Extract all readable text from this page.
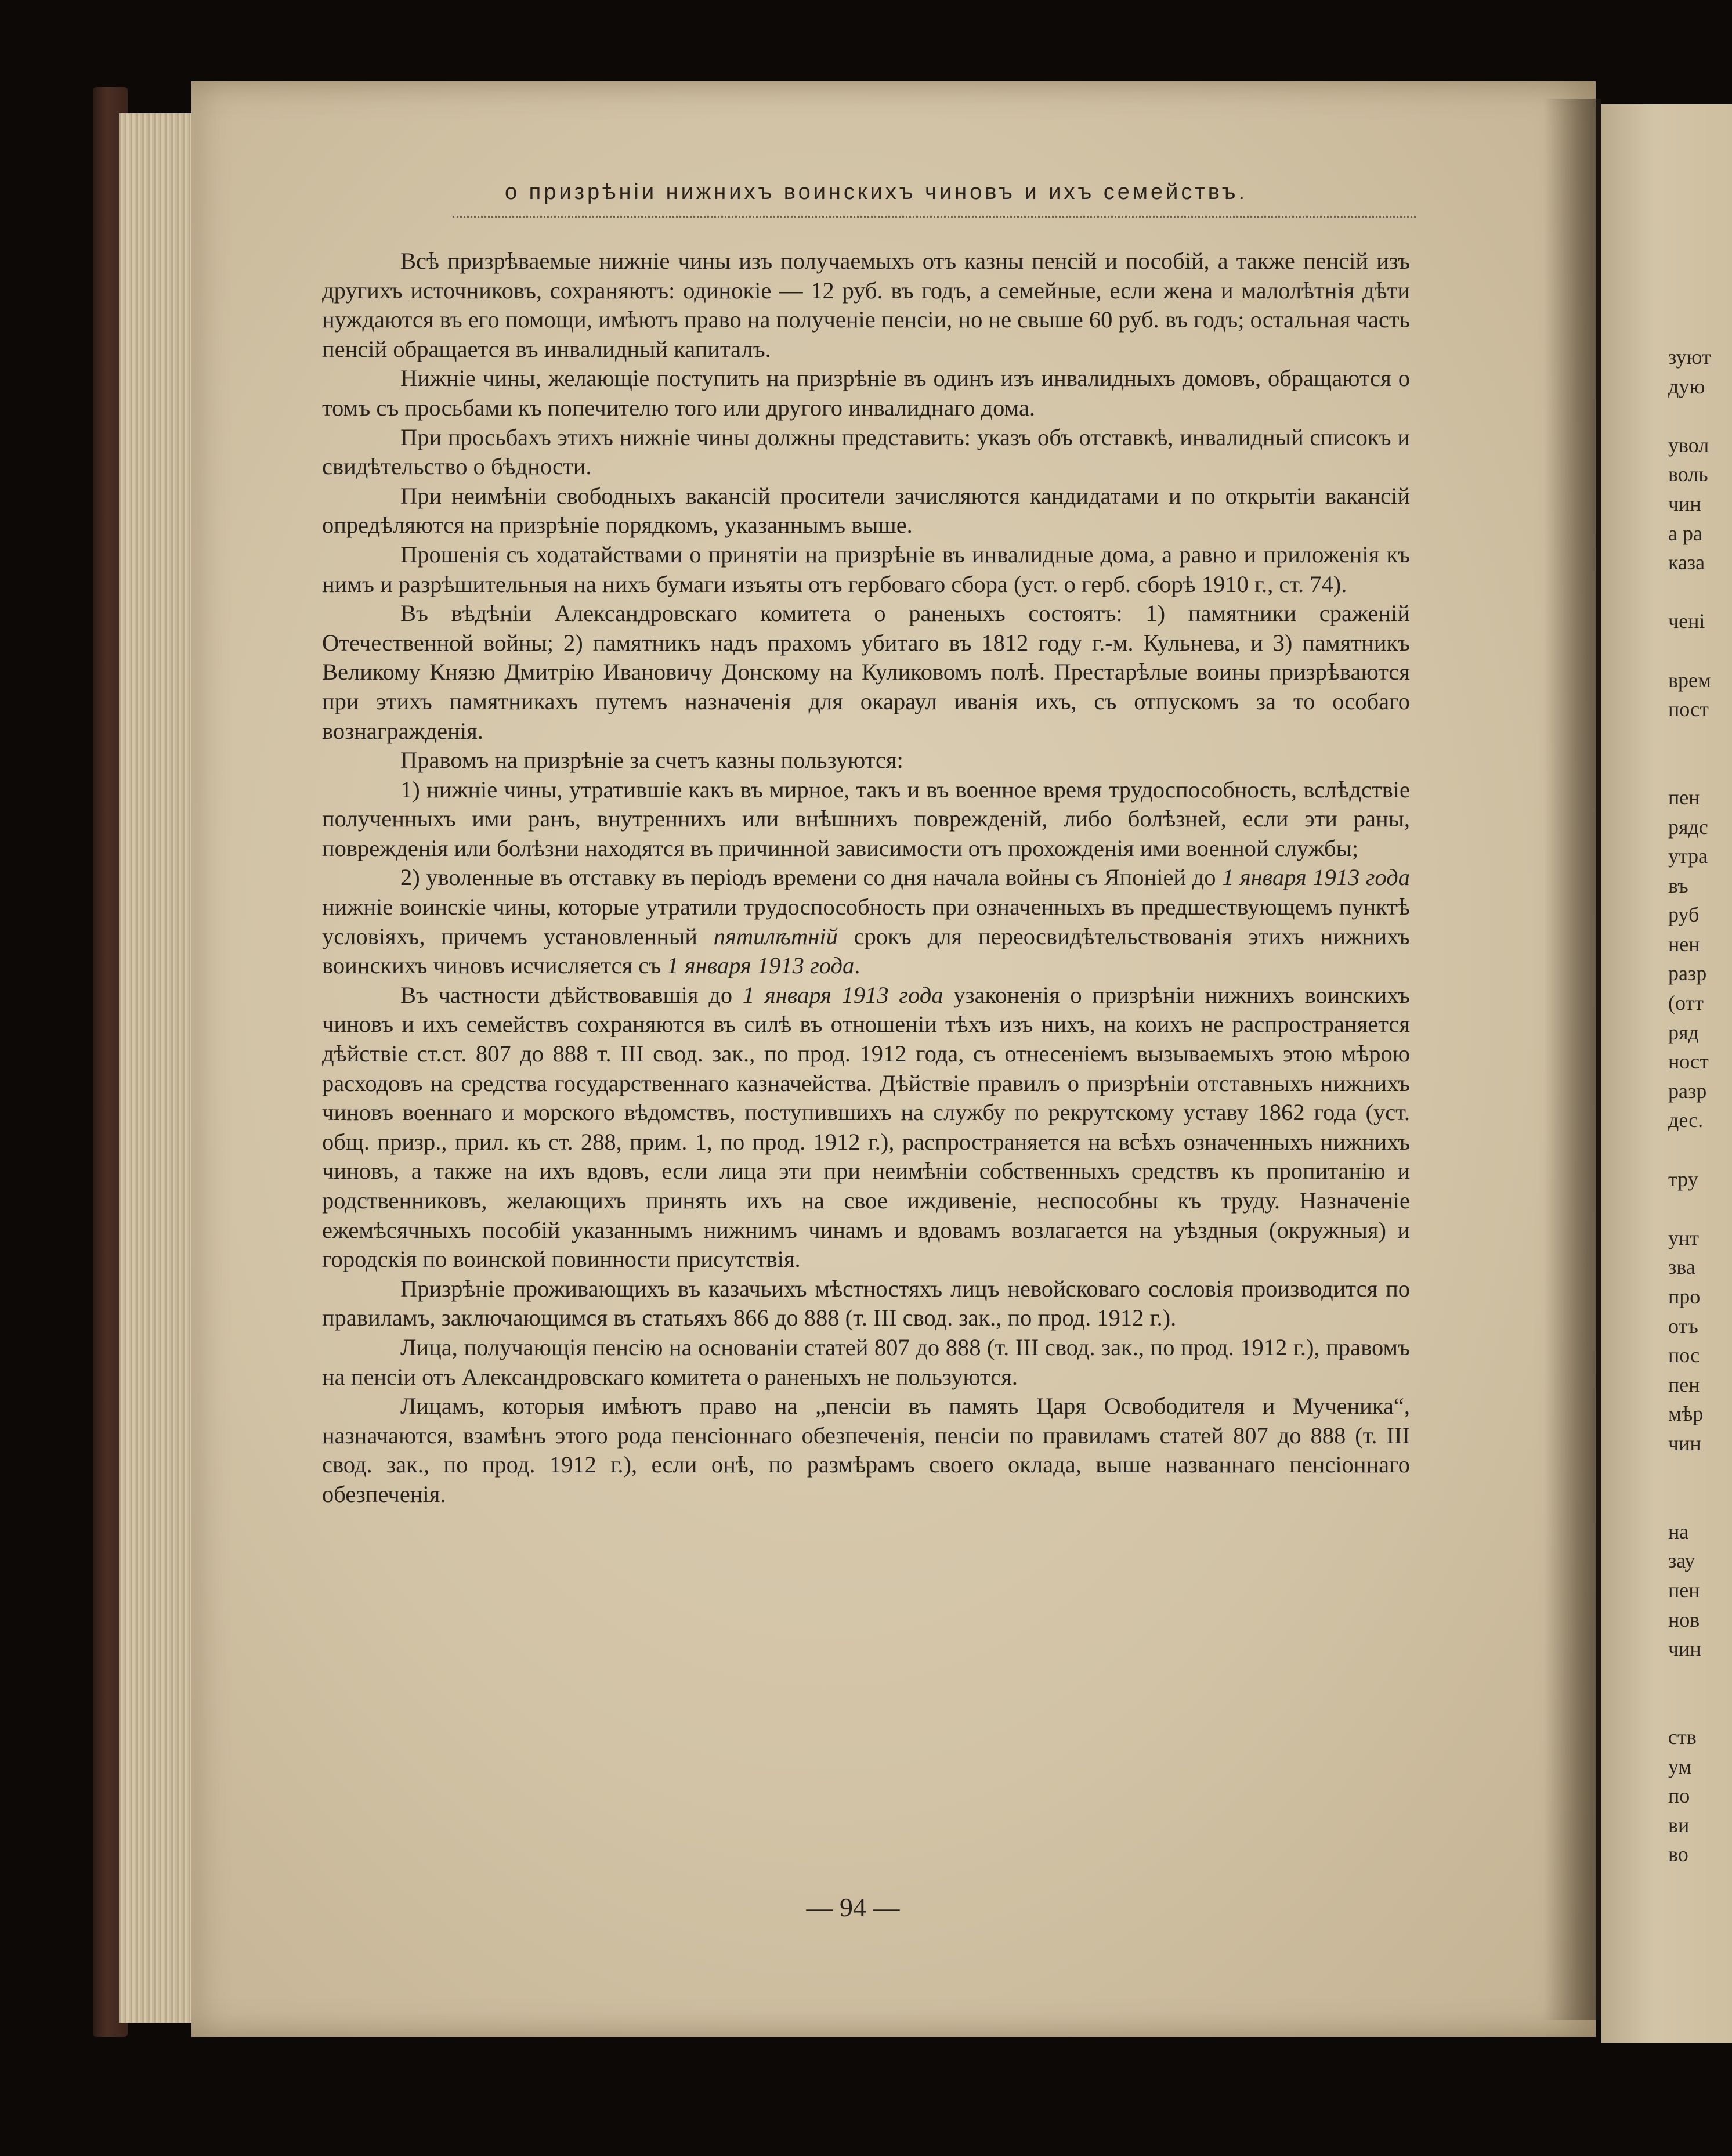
о призрѣніи нижнихъ воинскихъ чиновъ и ихъ семействъ.

Всѣ призрѣваемые нижніе чины изъ получаемыхъ отъ казны пенсій и пособій, а также пенсій изъ другихъ источниковъ, сохраняютъ: одинокіе — 12 руб. въ годъ, а семейные, если жена и малолѣтнія дѣти нуждаются въ его помощи, имѣютъ право на полученіе пенсіи, но не свыше 60 руб. въ годъ; остальная часть пенсій обращается въ инвалидный капиталъ.

Нижніе чины, желающіе поступить на призрѣніе въ одинъ изъ инвалидныхъ домовъ, обращаются о томъ съ просьбами къ попечителю того или другого инвалиднаго дома.

При просьбахъ этихъ нижніе чины должны представить: указъ объ отставкѣ, инвалидный списокъ и свидѣтельство о бѣдности.

При неимѣніи свободныхъ вакансій просители зачисляются кандидатами и по открытіи вакансій опредѣляются на призрѣніе порядкомъ, указаннымъ выше.

Прошенія съ ходатайствами о принятіи на призрѣніе въ инвалидные дома, а равно и приложенія къ нимъ и разрѣшительныя на нихъ бумаги изъяты отъ гербоваго сбора (уст. о герб. сборѣ 1910 г., ст. 74).

Въ вѣдѣніи Александровскаго комитета о раненыхъ состоятъ: 1) памятники сраженій Отечественной войны; 2) памятникъ надъ прахомъ убитаго въ 1812 году г.-м. Кульнева, и 3) памятникъ Великому Князю Дмитрію Ивановичу Донскому на Куликовомъ полѣ. Престарѣлые воины призрѣваются при этихъ памятникахъ путемъ назначенія для окараул иванія ихъ, съ отпускомъ за то особаго вознагражденія.

Правомъ на призрѣніе за счетъ казны пользуются:

1) нижніе чины, утратившіе какъ въ мирное, такъ и въ военное время трудоспособность, вслѣдствіе полученныхъ ими ранъ, внутреннихъ или внѣшнихъ поврежденій, либо болѣзней, если эти раны, поврежденія или болѣзни находятся въ причинной зависимости отъ прохожденія ими военной службы;

2) уволенные въ отставку въ періодъ времени со дня начала войны съ Японіей до 1 января 1913 года нижніе воинскіе чины, которые утратили трудоспособность при означенныхъ въ предшествующемъ пунктѣ условіяхъ, причемъ установленный пятилѣтній срокъ для переосвидѣтельствованія этихъ нижнихъ воинскихъ чиновъ исчисляется съ 1 января 1913 года.

Въ частности дѣйствовавшія до 1 января 1913 года узаконенія о призрѣніи нижнихъ воинскихъ чиновъ и ихъ семействъ сохраняются въ силѣ въ отношеніи тѣхъ изъ нихъ, на коихъ не распространяется дѣйствіе ст.ст. 807 до 888 т. III свод. зак., по прод. 1912 года, съ отнесеніемъ вызываемыхъ этою мѣрою расходовъ на средства государственнаго казначейства. Дѣйствіе правилъ о призрѣніи отставныхъ нижнихъ чиновъ военнаго и морского вѣдомствъ, поступившихъ на службу по рекрутскому уставу 1862 года (уст. общ. призр., прил. къ ст. 288, прим. 1, по прод. 1912 г.), распространяется на всѣхъ означенныхъ нижнихъ чиновъ, а также на ихъ вдовъ, если лица эти при неимѣніи собственныхъ средствъ къ пропитанію и родственниковъ, желающихъ принять ихъ на свое иждивеніе, неспособны къ труду. Назначеніе ежемѣсячныхъ пособій указаннымъ нижнимъ чинамъ и вдовамъ возлагается на уѣздныя (окружныя) и городскія по воинской повинности присутствія.

Призрѣніе проживающихъ въ казачьихъ мѣстностяхъ лицъ невойсковаго сословія производится по правиламъ, заключающимся въ статьяхъ 866 до 888 (т. III свод. зак., по прод. 1912 г.).

Лица, получающія пенсію на основаніи статей 807 до 888 (т. III свод. зак., по прод. 1912 г.), правомъ на пенсіи отъ Александровскаго комитета о раненыхъ не пользуются.

Лицамъ, которыя имѣютъ право на „пенсіи въ память Царя Освободителя и Мученика“, назначаются, взамѣнъ этого рода пенсіоннаго обезпеченія, пенсіи по правиламъ статей 807 до 888 (т. III свод. зак., по прод. 1912 г.), если онѣ, по размѣрамъ своего оклада, выше названнаго пенсіоннаго обезпеченія.

— 94 —
зуют
дую
увол
воль
чин
а ра
каза
чені
врем
пост
пен
рядс
утра
въ
руб
нен
разр
(отт
ряд
ност
разр
дес.
тру
унт
зва
про
отъ
пос
пен
мѣр
чин
на
зау
пен
нов
чин
ств
ум
по
ви
во
